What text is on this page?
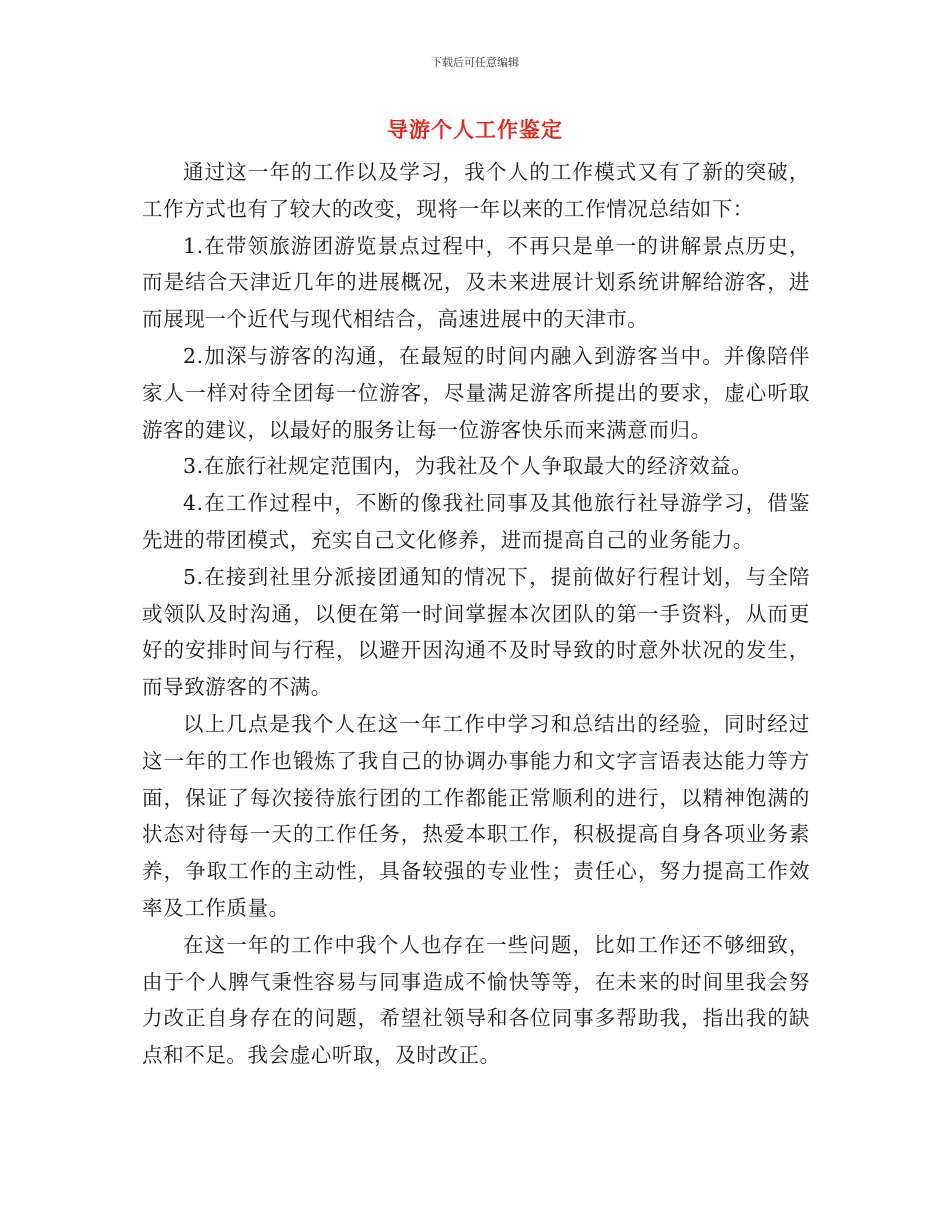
下载后可任意编辑
导游个人工作鉴定

通过这一年的工作以及学习，我个人的工作模式又有了新的突破，工作方式也有了较大的改变，现将一年以来的工作情况总结如下：

1.在带领旅游团游览景点过程中，不再只是单一的讲解景点历史，而是结合天津近几年的进展概况，及未来进展计划系统讲解给游客，进而展现一个近代与现代相结合，高速进展中的天津市。

2.加深与游客的沟通，在最短的时间内融入到游客当中。并像陪伴家人一样对待全团每一位游客，尽量满足游客所提出的要求，虚心听取游客的建议，以最好的服务让每一位游客快乐而来满意而归。

3.在旅行社规定范围内，为我社及个人争取最大的经济效益。

4.在工作过程中，不断的像我社同事及其他旅行社导游学习，借鉴先进的带团模式，充实自己文化修养，进而提高自己的业务能力。

5.在接到社里分派接团通知的情况下，提前做好行程计划，与全陪或领队及时沟通，以便在第一时间掌握本次团队的第一手资料，从而更好的安排时间与行程，以避开因沟通不及时导致的时意外状况的发生，而导致游客的不满。

以上几点是我个人在这一年工作中学习和总结出的经验，同时经过这一年的工作也锻炼了我自己的协调办事能力和文字言语表达能力等方面，保证了每次接待旅行团的工作都能正常顺利的进行，以精神饱满的状态对待每一天的工作任务，热爱本职工作，积极提高自身各项业务素养，争取工作的主动性，具备较强的专业性；责任心，努力提高工作效率及工作质量。

在这一年的工作中我个人也存在一些问题，比如工作还不够细致，由于个人脾气秉性容易与同事造成不愉快等等，在未来的时间里我会努力改正自身存在的问题，希望社领导和各位同事多帮助我，指出我的缺点和不足。我会虚心听取，及时改正。
